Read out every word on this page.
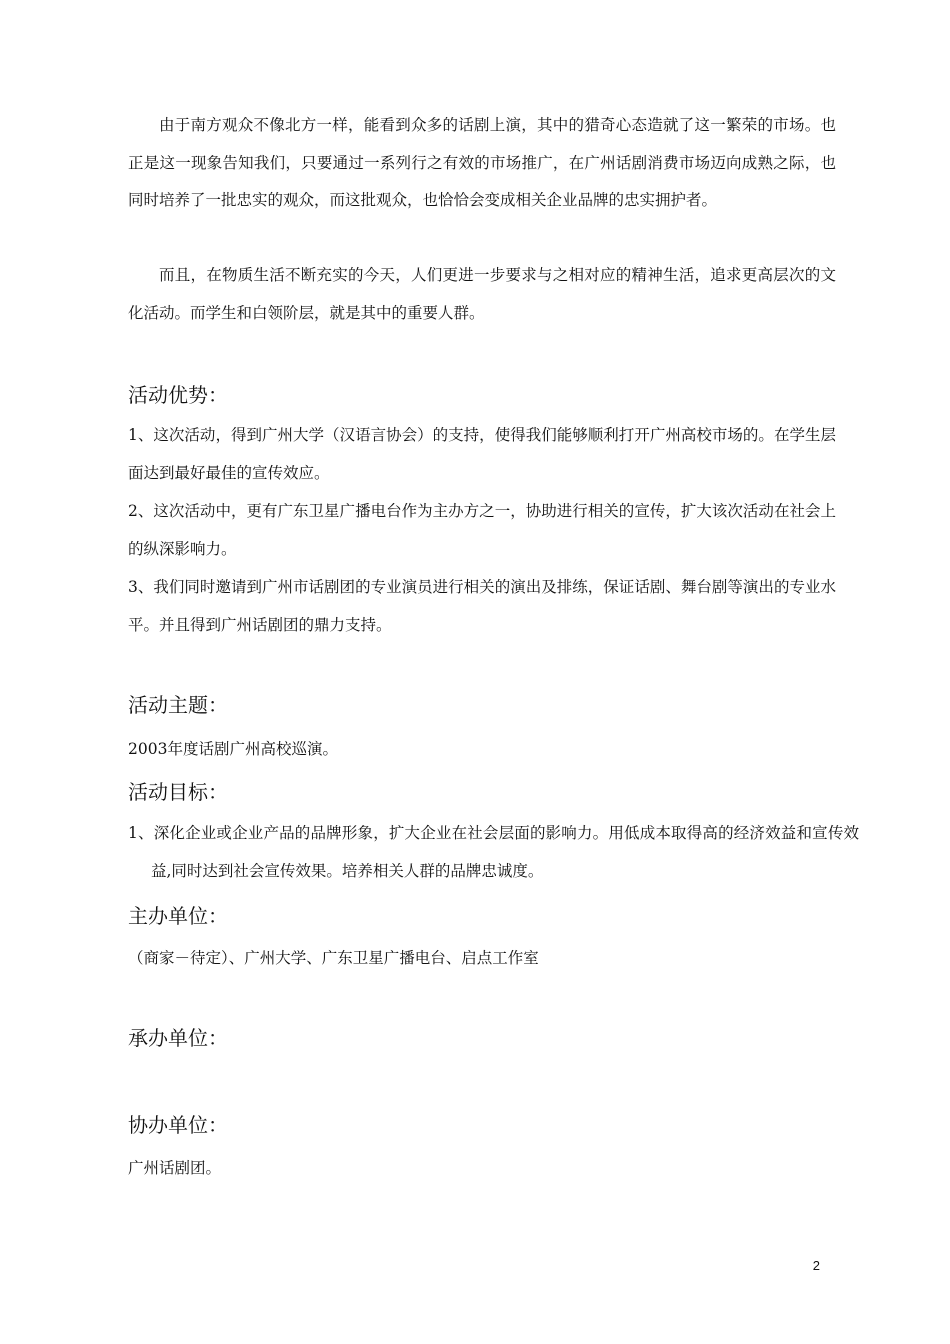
由于南方观众不像北方一样，能看到众多的话剧上演，其中的猎奇心态造就了这一繁荣的市场。也正是这一现象告知我们，只要通过一系列行之有效的市场推广，在广州话剧消费市场迈向成熟之际，也同时培养了一批忠实的观众，而这批观众，也恰恰会变成相关企业品牌的忠实拥护者。

而且，在物质生活不断充实的今天，人们更进一步要求与之相对应的精神生活，追求更高层次的文化活动。而学生和白领阶层，就是其中的重要人群。

活动优势：

1、这次活动，得到广州大学（汉语言协会）的支持，使得我们能够顺利打开广州高校市场的。在学生层面达到最好最佳的宣传效应。

2、这次活动中，更有广东卫星广播电台作为主办方之一，协助进行相关的宣传，扩大该次活动在社会上的纵深影响力。

3、我们同时邀请到广州市话剧团的专业演员进行相关的演出及排练，保证话剧、舞台剧等演出的专业水平。并且得到广州话剧团的鼎力支持。

活动主题：

2003年度话剧广州高校巡演。

活动目标：

1、深化企业或企业产品的品牌形象，扩大企业在社会层面的影响力。用低成本取得高的经济效益和宣传效益,同时达到社会宣传效果。培养相关人群的品牌忠诚度。

主办单位：

（商家－待定）、广州大学、广东卫星广播电台、启点工作室

承办单位：
协办单位：

广州话剧团。

2
